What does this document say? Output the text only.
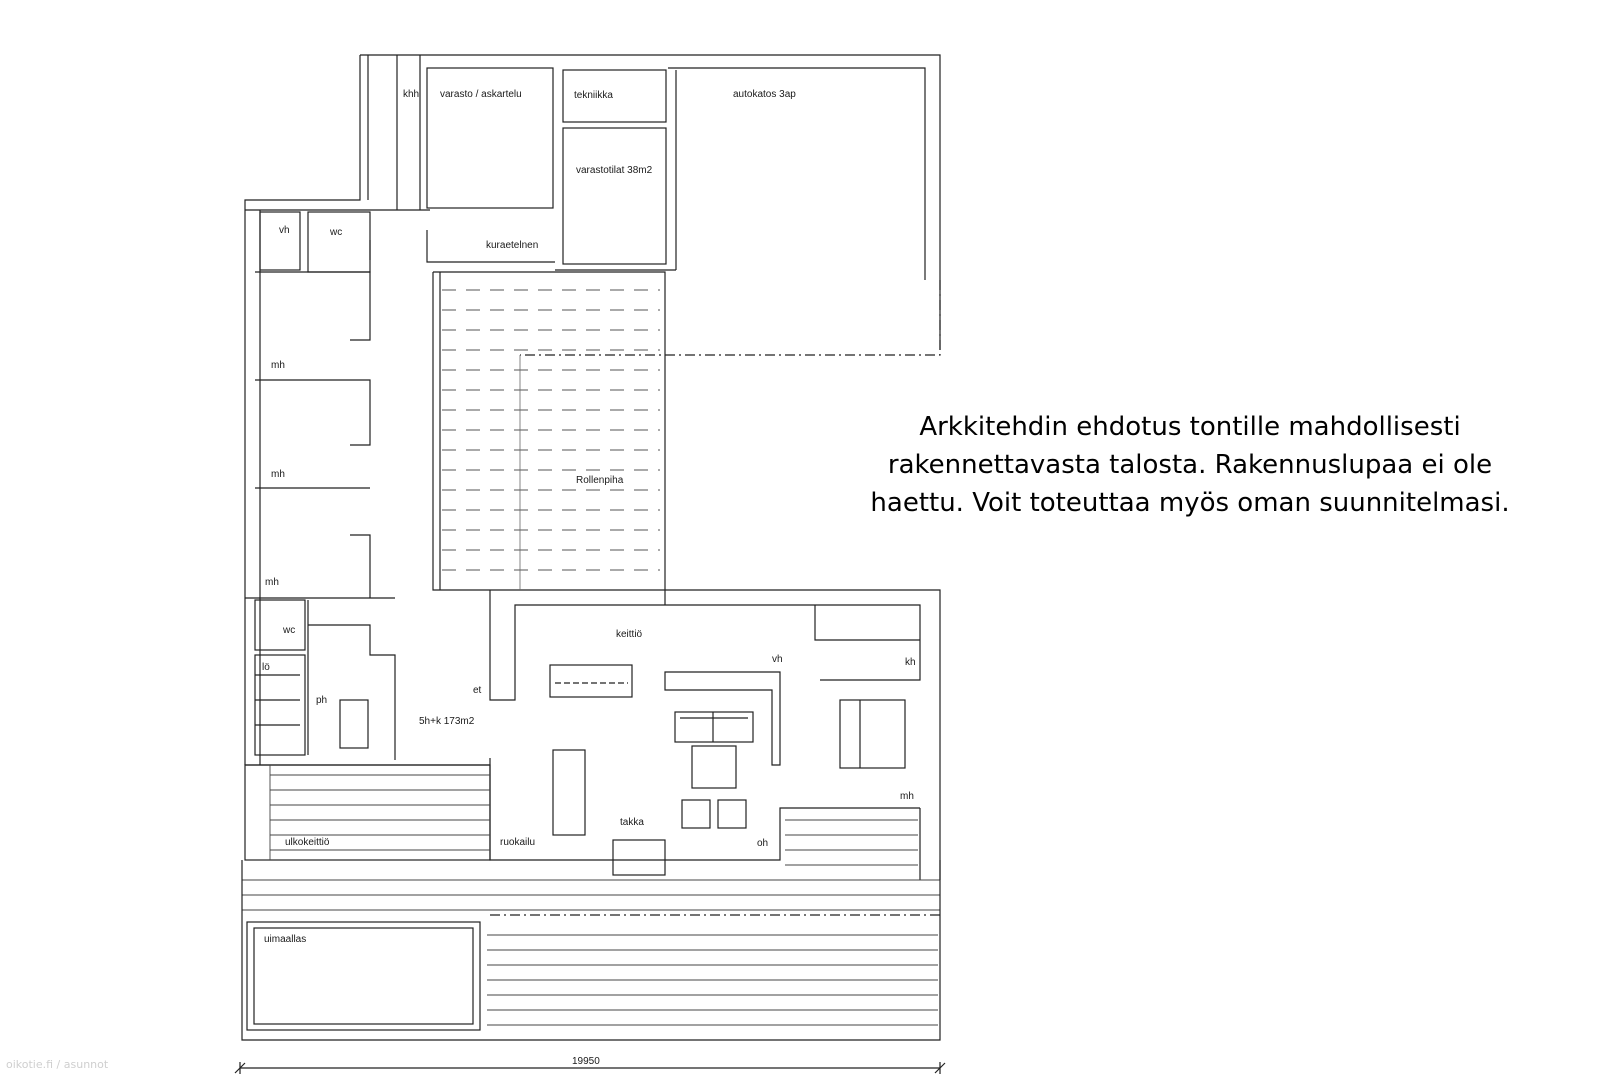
khh varasto / askartelu	tekniikka	autokatos 3ap
varastotilat 38m2
vh	wc
kuraetelnen
mh
mh
mh
Rollenpiha
keittiö
wc
vh	kh
lö
ph
et
5h+k 173m2
mh
ulkokeittiö	ruokailu
takka
oh
uimaallas
19950
Arkkitehdin ehdotus tontille mahdollisesti
rakennettavasta talosta. Rakennuslupaa ei ole
haettu. Voit toteuttaa myös oman suunnitelmasi.
oikotie.fi / asunnot
